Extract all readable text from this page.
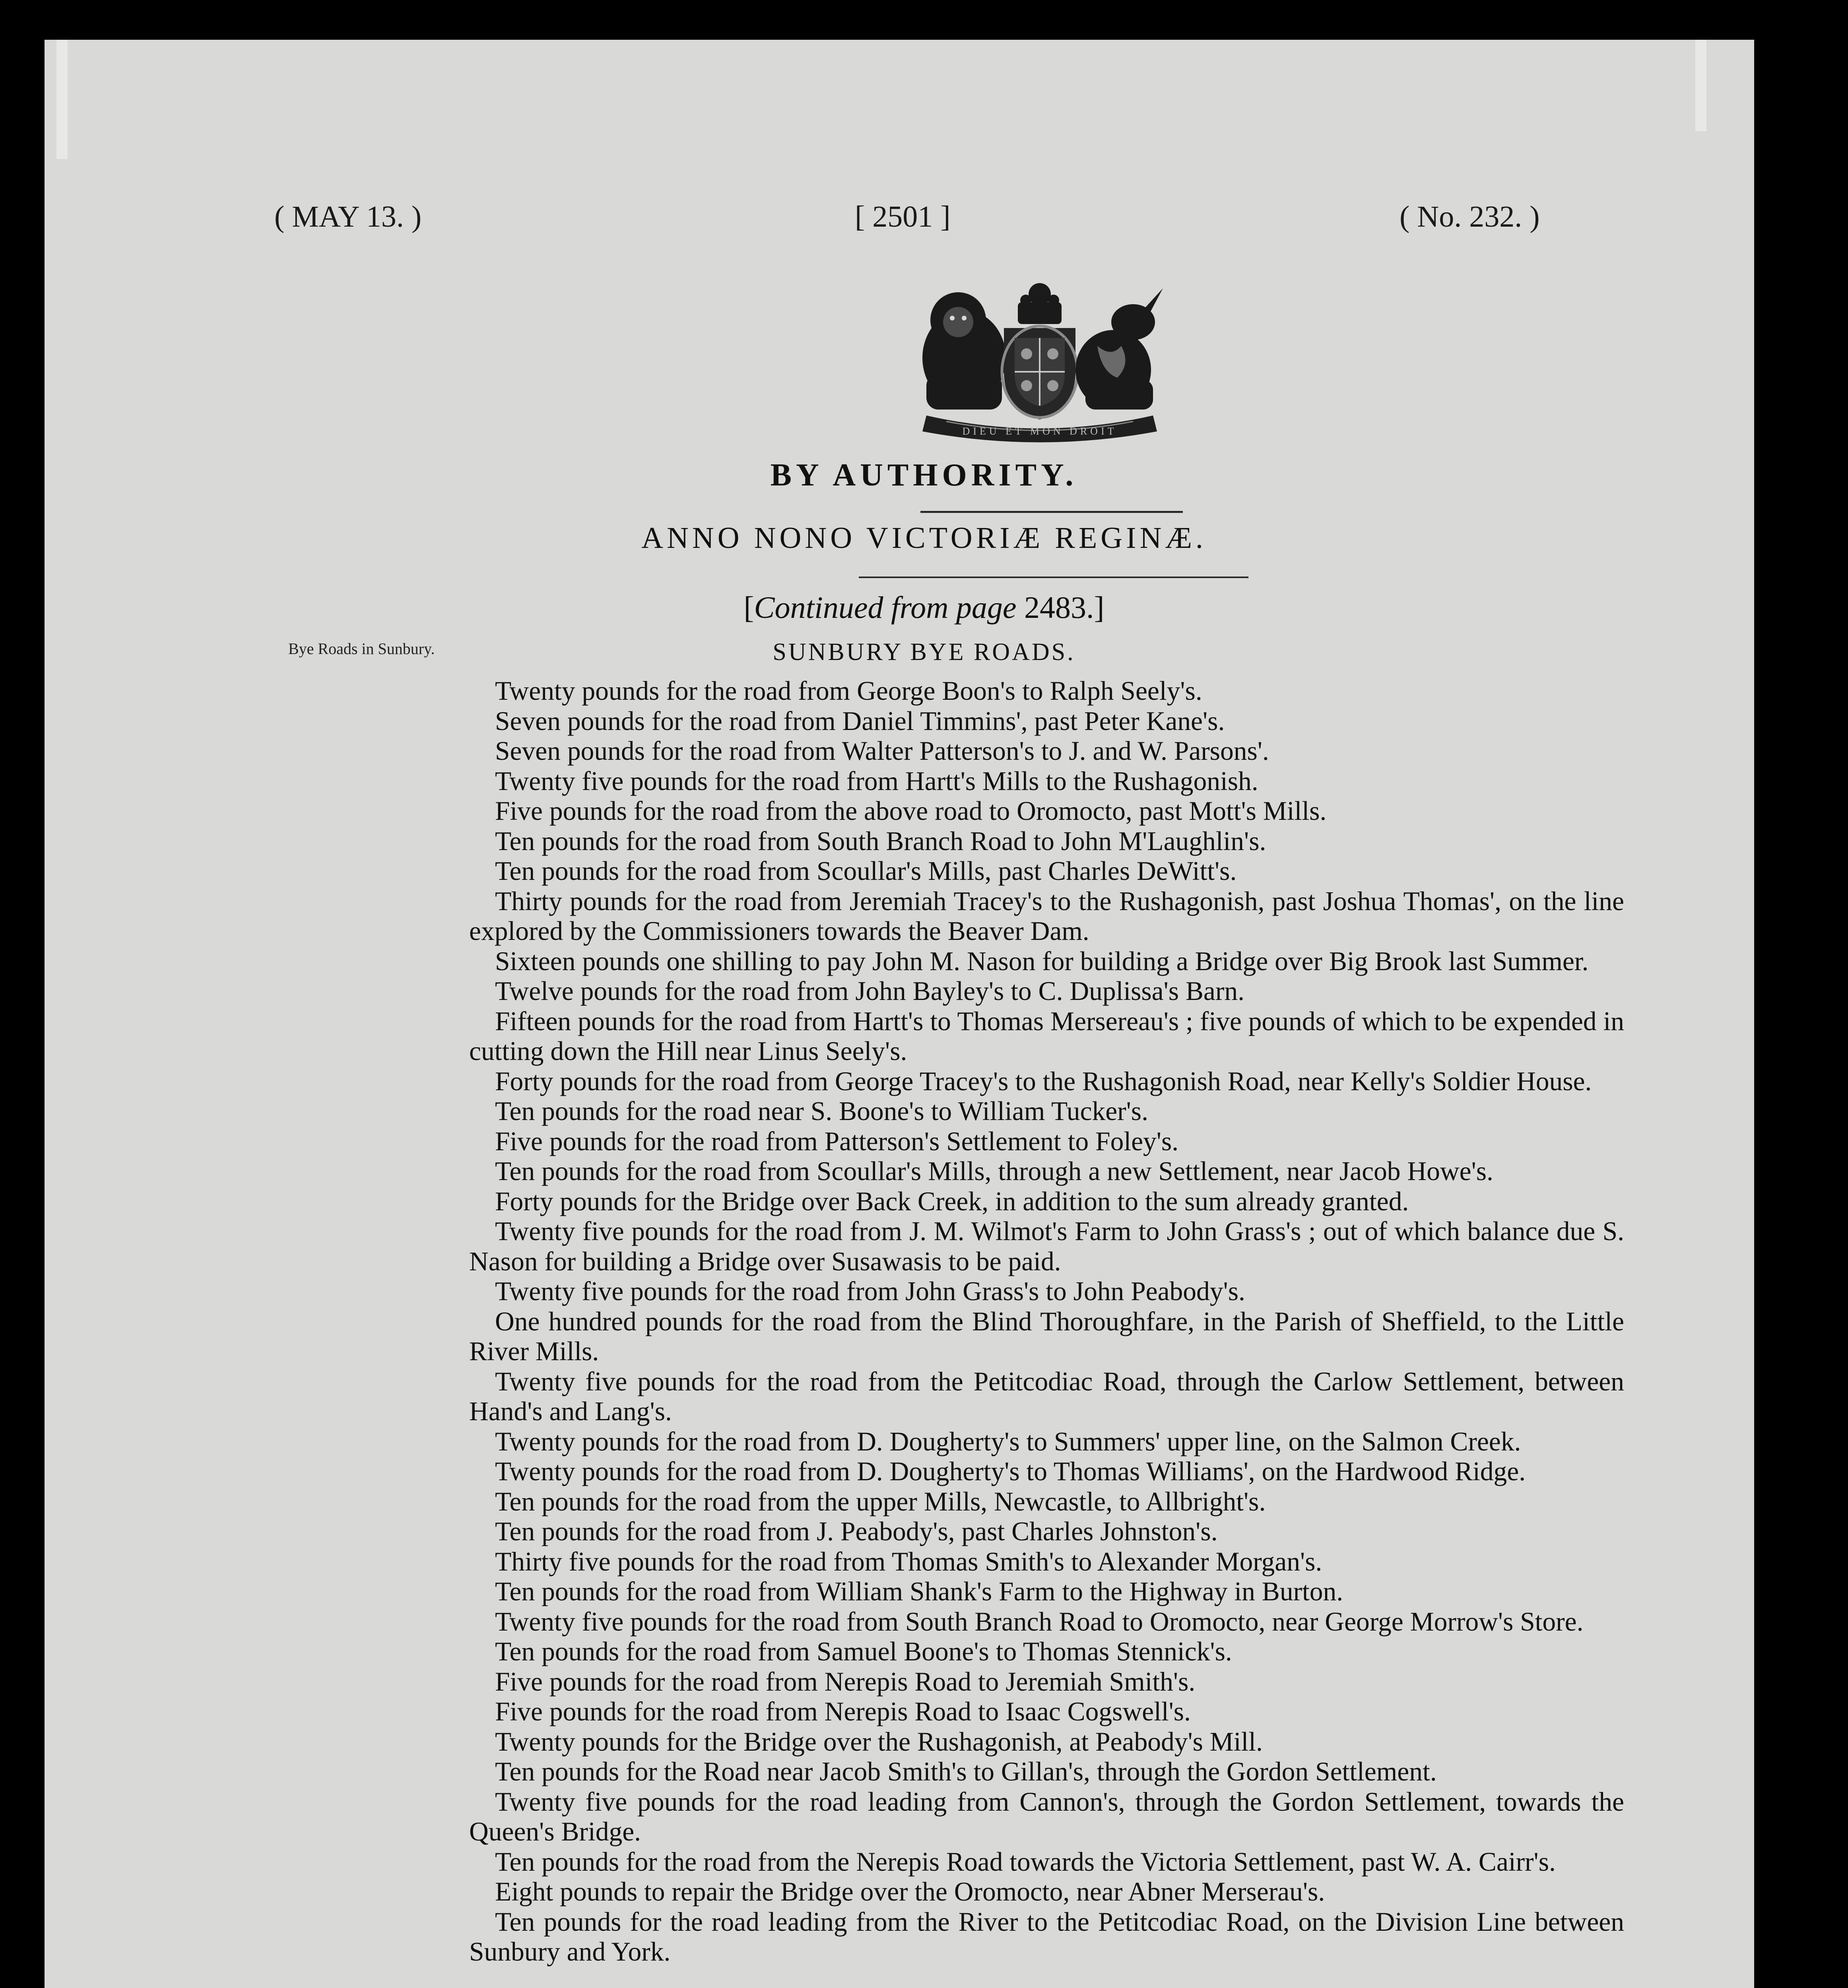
( MAY 13. )	[ 2501 ]	( No. 232. )
DIEU ET MON DROIT
BY AUTHORITY.
ANNO NONO VICTORIÆ REGINÆ.
[Continued from page 2483.]
SUNBURY BYE ROADS.
Bye Roads in Sunbury.

Twenty pounds for the road from George Boon's to Ralph Seely's.

Seven pounds for the road from Daniel Timmins', past Peter Kane's.

Seven pounds for the road from Walter Patterson's to J. and W. Parsons'.

Twenty five pounds for the road from Hartt's Mills to the Rushagonish.

Five pounds for the road from the above road to Oromocto, past Mott's Mills.

Ten pounds for the road from South Branch Road to John M'Laughlin's.

Ten pounds for the road from Scoullar's Mills, past Charles DeWitt's.

Thirty pounds for the road from Jeremiah Tracey's to the Rushagonish, past Joshua Thomas', on the line explored by the Commissioners towards the Beaver Dam.

Sixteen pounds one shilling to pay John M. Nason for building a Bridge over Big Brook last Summer.

Twelve pounds for the road from John Bayley's to C. Duplissa's Barn.

Fifteen pounds for the road from Hartt's to Thomas Mersereau's ; five pounds of which to be expended in cutting down the Hill near Linus Seely's.

Forty pounds for the road from George Tracey's to the Rushagonish Road, near Kelly's Soldier House.

Ten pounds for the road near S. Boone's to William Tucker's.

Five pounds for the road from Patterson's Settlement to Foley's.

Ten pounds for the road from Scoullar's Mills, through a new Settlement, near Jacob Howe's.

Forty pounds for the Bridge over Back Creek, in addition to the sum already granted.

Twenty five pounds for the road from J. M. Wilmot's Farm to John Grass's ; out of which balance due S. Nason for building a Bridge over Susawasis to be paid.

Twenty five pounds for the road from John Grass's to John Peabody's.

One hundred pounds for the road from the Blind Thoroughfare, in the Parish of Sheffield, to the Little River Mills.

Twenty five pounds for the road from the Petitcodiac Road, through the Carlow Settlement, between Hand's and Lang's.

Twenty pounds for the road from D. Dougherty's to Summers' upper line, on the Salmon Creek.

Twenty pounds for the road from D. Dougherty's to Thomas Williams', on the Hardwood Ridge.

Ten pounds for the road from the upper Mills, Newcastle, to Allbright's.

Ten pounds for the road from J. Peabody's, past Charles Johnston's.

Thirty five pounds for the road from Thomas Smith's to Alexander Morgan's.

Ten pounds for the road from William Shank's Farm to the Highway in Burton.

Twenty five pounds for the road from South Branch Road to Oromocto, near George Morrow's Store.

Ten pounds for the road from Samuel Boone's to Thomas Stennick's.

Five pounds for the road from Nerepis Road to Jeremiah Smith's.

Five pounds for the road from Nerepis Road to Isaac Cogswell's.

Twenty pounds for the Bridge over the Rushagonish, at Peabody's Mill.

Ten pounds for the Road near Jacob Smith's to Gillan's, through the Gordon Settlement.

Twenty five pounds for the road leading from Cannon's, through the Gordon Settlement, towards the Queen's Bridge.

Ten pounds for the road from the Nerepis Road towards the Victoria Settlement, past W. A. Cairr's.

Eight pounds to repair the Bridge over the Oromocto, near Abner Merserau's.

Ten pounds for the road leading from the River to the Petitcodiac Road, on the Division Line between Sunbury and York.
